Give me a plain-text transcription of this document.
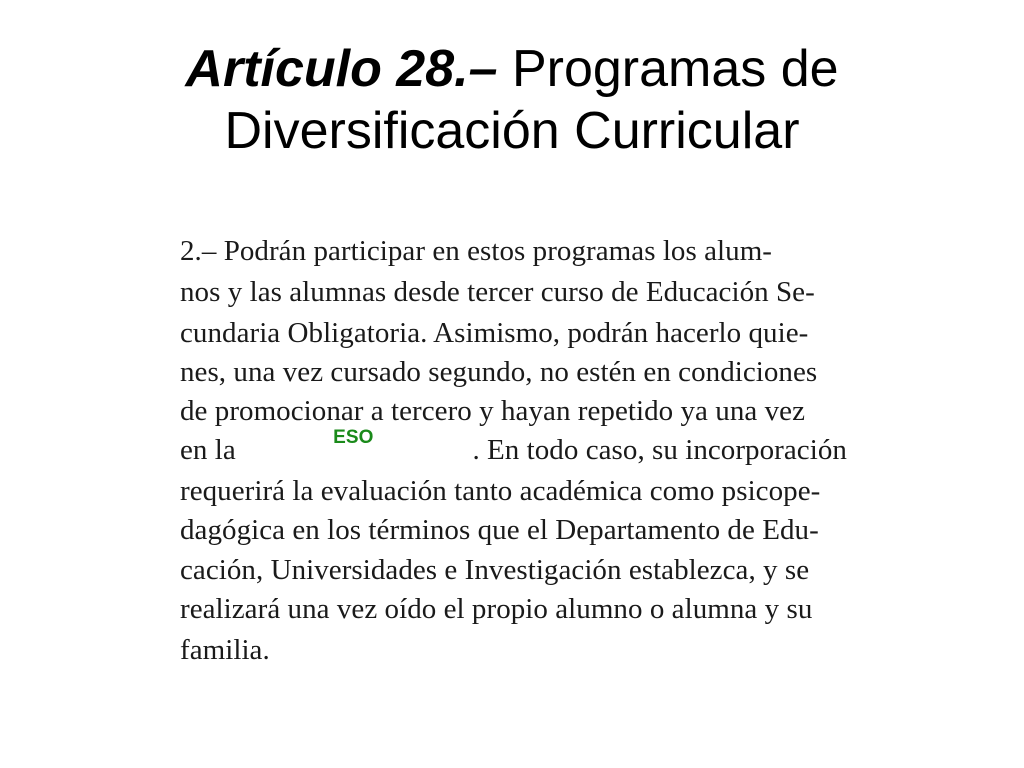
Artículo 28.– Programas de
Diversificación Curricular
2.– Podrán participar en estos programas los alum-
nos y las alumnas desde tercer curso de Educación Se-
cundaria Obligatoria. Asimismo, podrán hacerlo quie-
nes, una vez cursado segundo, no estén en condiciones
de promocionar a tercero y hayan repetido ya una vez
en la	ESO	. En todo caso, su incorporación
requerirá la evaluación tanto académica como psicope-
dagógica en los términos que el Departamento de Edu-
cación, Universidades e Investigación establezca, y se
realizará una vez oído el propio alumno o alumna y su
familia.
